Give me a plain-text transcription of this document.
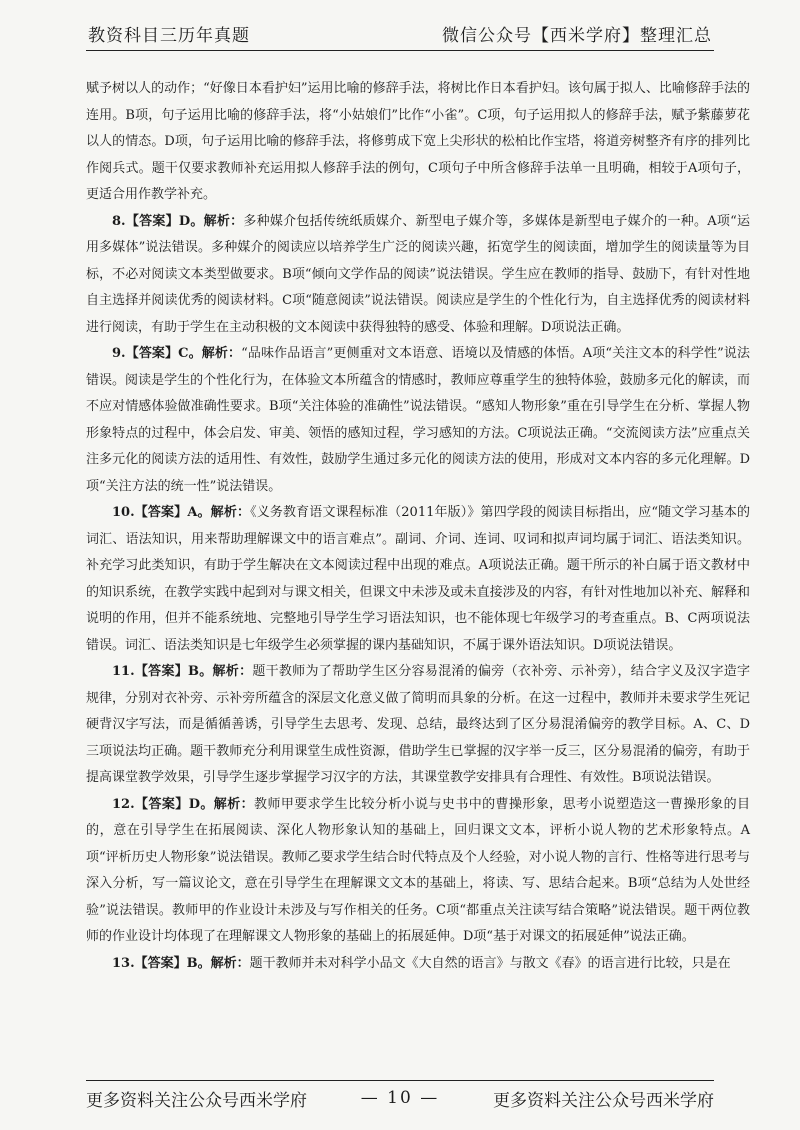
教资科目三历年真题	微信公众号【西米学府】整理汇总

赋予树以人的动作；“好像日本看护妇”运用比喻的修辞手法，将树比作日本看护妇。该句属于拟人、比喻修辞手法的连用。B项，句子运用比喻的修辞手法，将“小姑娘们”比作“小雀”。C项，句子运用拟人的修辞手法，赋予紫藤萝花以人的情态。D项，句子运用比喻的修辞手法，将修剪成下宽上尖形状的松柏比作宝塔，将道旁树整齐有序的排列比作阅兵式。题干仅要求教师补充运用拟人修辞手法的例句，C项句子中所含修辞手法单一且明确，相较于A项句子，更适合用作教学补充。

8.【答案】D。解析：多种媒介包括传统纸质媒介、新型电子媒介等，多媒体是新型电子媒介的一种。A项“运用多媒体”说法错误。多种媒介的阅读应以培养学生广泛的阅读兴趣，拓宽学生的阅读面，增加学生的阅读量等为目标，不必对阅读文本类型做要求。B项“倾向文学作品的阅读”说法错误。学生应在教师的指导、鼓励下，有针对性地自主选择并阅读优秀的阅读材料。C项“随意阅读”说法错误。阅读应是学生的个性化行为，自主选择优秀的阅读材料进行阅读，有助于学生在主动积极的文本阅读中获得独特的感受、体验和理解。D项说法正确。

9.【答案】C。解析：“品味作品语言”更侧重对文本语意、语境以及情感的体悟。A项“关注文本的科学性”说法错误。阅读是学生的个性化行为，在体验文本所蕴含的情感时，教师应尊重学生的独特体验，鼓励多元化的解读，而不应对情感体验做准确性要求。B项“关注体验的准确性”说法错误。“感知人物形象”重在引导学生在分析、掌握人物形象特点的过程中，体会启发、审美、领悟的感知过程，学习感知的方法。C项说法正确。“交流阅读方法”应重点关注多元化的阅读方法的适用性、有效性，鼓励学生通过多元化的阅读方法的使用，形成对文本内容的多元化理解。D项“关注方法的统一性”说法错误。

10.【答案】A。解析：《义务教育语文课程标准（2011年版）》第四学段的阅读目标指出，应“随文学习基本的词汇、语法知识，用来帮助理解课文中的语言难点”。副词、介词、连词、叹词和拟声词均属于词汇、语法类知识。补充学习此类知识，有助于学生解决在文本阅读过程中出现的难点。A项说法正确。题干所示的补白属于语文教材中的知识系统，在教学实践中起到对与课文相关，但课文中未涉及或未直接涉及的内容，有针对性地加以补充、解释和说明的作用，但并不能系统地、完整地引导学生学习语法知识，也不能体现七年级学习的考查重点。B、C两项说法错误。词汇、语法类知识是七年级学生必须掌握的课内基础知识，不属于课外语法知识。D项说法错误。

11.【答案】B。解析：题干教师为了帮助学生区分容易混淆的偏旁（衣补旁、示补旁），结合字义及汉字造字规律，分别对衣补旁、示补旁所蕴含的深层文化意义做了简明而具象的分析。在这一过程中，教师并未要求学生死记硬背汉字写法，而是循循善诱，引导学生去思考、发现、总结，最终达到了区分易混淆偏旁的教学目标。A、C、D三项说法均正确。题干教师充分利用课堂生成性资源，借助学生已掌握的汉字举一反三，区分易混淆的偏旁，有助于提高课堂教学效果，引导学生逐步掌握学习汉字的方法，其课堂教学安排具有合理性、有效性。B项说法错误。

12.【答案】D。解析：教师甲要求学生比较分析小说与史书中的曹操形象，思考小说塑造这一曹操形象的目的，意在引导学生在拓展阅读、深化人物形象认知的基础上，回归课文文本，评析小说人物的艺术形象特点。A项“评析历史人物形象”说法错误。教师乙要求学生结合时代特点及个人经验，对小说人物的言行、性格等进行思考与深入分析，写一篇议论文，意在引导学生在理解课文文本的基础上，将读、写、思结合起来。B项“总结为人处世经验”说法错误。教师甲的作业设计未涉及与写作相关的任务。C项“都重点关注读写结合策略”说法错误。题干两位教师的作业设计均体现了在理解课文人物形象的基础上的拓展延伸。D项“基于对课文的拓展延伸”说法正确。

13.【答案】B。解析：题干教师并未对科学小品文《大自然的语言》与散文《春》的语言进行比较，只是在

更多资料关注公众号西米学府	— 10 —	更多资料关注公众号西米学府
